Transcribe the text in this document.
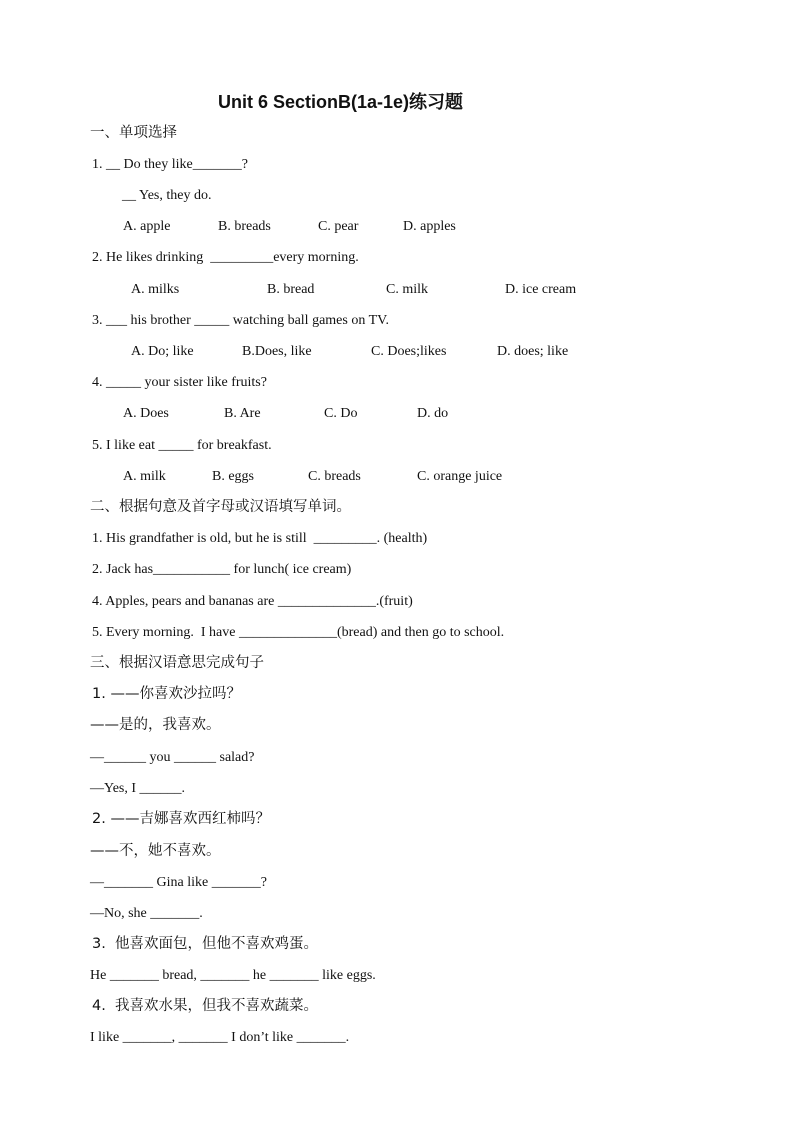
Unit 6 SectionB(1a-1e)练习题
一、单项选择
1. __ Do they like_______?
__ Yes, they do.
A. apple	B. breads	C. pear	D. apples
2. He likes drinking  _________every morning.
A. milks	B. bread	C. milk	D. ice cream
3. ___ his brother _____ watching ball games on TV.
A. Do; like	B.Does, like	C. Does;likes	D. does; like
4. _____ your sister like fruits?
A. Does	B. Are	C. Do	D. do
5. I like eat _____ for breakfast.
A. milk	B. eggs	C. breads	C. orange juice
二、根据句意及首字母或汉语填写单词。
1. His grandfather is old, but he is still  _________. (health)
2. Jack has___________ for lunch( ice cream)
4. Apples, pears and bananas are ______________.(fruit)
5. Every morning.  I have ______________(bread) and then go to school.
三、根据汉语意思完成句子
1. ——你喜欢沙拉吗？
——是的，我喜欢。
—______ you ______ salad?
—Yes, I ______.
2. ——吉娜喜欢西红柿吗？
——不，她不喜欢。
—_______ Gina like _______?
—No, she _______.
3.  他喜欢面包，但他不喜欢鸡蛋。
He _______ bread, _______ he _______ like eggs.
4.  我喜欢水果，但我不喜欢蔬菜。
I like _______, _______ I don’t like _______.
